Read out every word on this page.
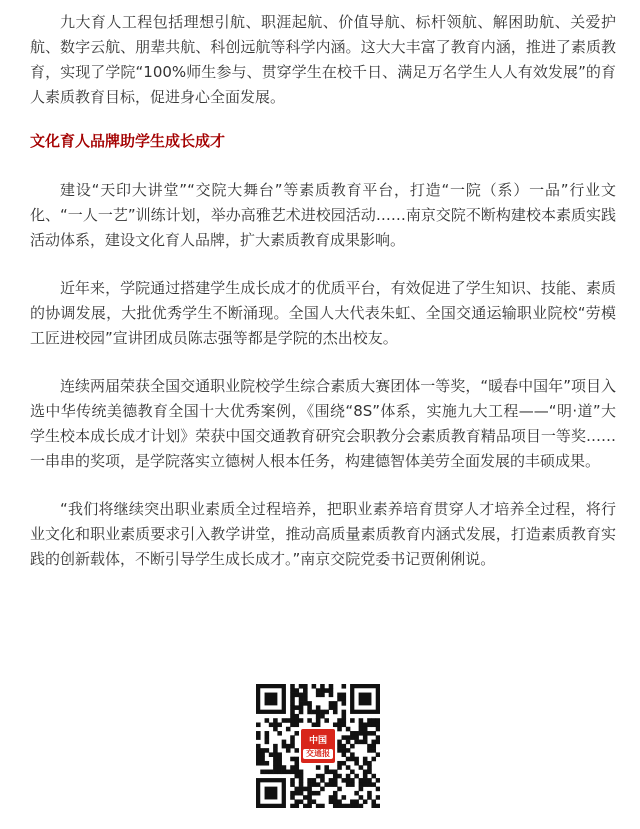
九大育人工程包括理想引航、职涯起航、价值导航、标杆领航、解困助航、关爱护航、数字云航、朋辈共航、科创远航等科学内涵。这大大丰富了教育内涵，推进了素质教育，实现了学院“100%师生参与、贯穿学生在校千日、满足万名学生人人有效发展”的育人素质教育目标，促进身心全面发展。

文化育人品牌助学生成长成才

建设“天印大讲堂”“交院大舞台”等素质教育平台，打造“一院（系）一品”行业文化、“一人一艺”训练计划，举办高雅艺术进校园活动……南京交院不断构建校本素质实践活动体系，建设文化育人品牌，扩大素质教育成果影响。

近年来，学院通过搭建学生成长成才的优质平台，有效促进了学生知识、技能、素质的协调发展，大批优秀学生不断涌现。全国人大代表朱虹、全国交通运输职业院校“劳模工匠进校园”宣讲团成员陈志强等都是学院的杰出校友。

连续两届荣获全国交通职业院校学生综合素质大赛团体一等奖，“暖春中国年”项目入选中华传统美德教育全国十大优秀案例，《围绕“8S”体系，实施九大工程——“明·道”大学生校本成长成才计划》荣获中国交通教育研究会职教分会素质教育精品项目一等奖……一串串的奖项，是学院落实立德树人根本任务，构建德智体美劳全面发展的丰硕成果。

“我们将继续突出职业素质全过程培养，把职业素养培育贯穿人才培养全过程，将行业文化和职业素质要求引入教学讲堂，推动高质量素质教育内涵式发展，打造素质教育实践的创新载体，不断引导学生成长成才。”南京交院党委书记贾俐俐说。

中国
交通报
